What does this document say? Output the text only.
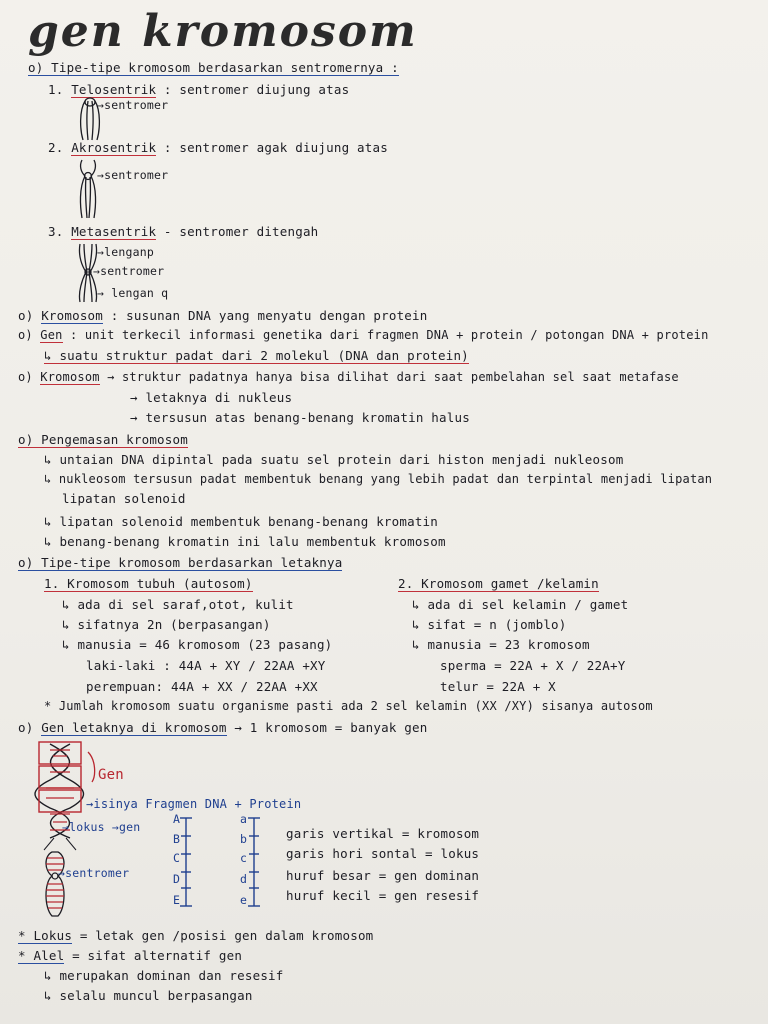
gen kromosom
o) Tipe-tipe kromosom berdasarkan sentromernya :
1. Telosentrik : sentromer diujung atas
→sentromer
2. Akrosentrik : sentromer agak diujung atas
→sentromer
3. Metasentrik - sentromer ditengah
→lenganp
→sentromer
→ lengan q
o) Kromosom : susunan DNA yang menyatu dengan protein
o) Gen : unit terkecil informasi genetika dari fragmen DNA + protein / potongan DNA + protein
↳ suatu struktur padat dari 2 molekul (DNA dan protein)
o) Kromosom → struktur padatnya hanya bisa dilihat dari saat pembelahan sel saat metafase
→ letaknya di nukleus
→ tersusun atas benang-benang kromatin halus
o) Pengemasan kromosom
↳ untaian DNA dipintal pada suatu sel protein dari histon menjadi nukleosom
↳ nukleosom tersusun padat membentuk benang yang lebih padat dan terpintal menjadi lipatan
lipatan solenoid
↳ lipatan solenoid membentuk benang-benang kromatin
↳ benang-benang kromatin ini lalu membentuk kromosom
o) Tipe-tipe kromosom berdasarkan letaknya
1. Kromosom tubuh (autosom)
↳ ada di sel saraf,otot, kulit
↳ sifatnya 2n (berpasangan)
↳ manusia = 46 kromosom (23 pasang)
laki-laki : 44A + XY / 22AA +XY
perempuan: 44A + XX / 22AA +XX
2. Kromosom gamet /kelamin
↳ ada di sel kelamin / gamet
↳ sifat = n (jomblo)
↳ manusia = 23 kromosom
sperma = 22A + X / 22A+Y
telur = 22A + X
* Jumlah kromosom suatu organisme pasti ada 2 sel kelamin (XX /XY) sisanya autosom
o) Gen letaknya di kromosom → 1 kromosom = banyak gen
Gen
→isinya Fragmen DNA + Protein
→lokus →gen
→sentromer
A
B
C
D
E
a
b
c
d
e
garis vertikal = kromosom
garis hori sontal = lokus
huruf besar = gen dominan
huruf kecil = gen resesif
* Lokus = letak gen /posisi gen dalam kromosom
* Alel = sifat alternatif gen
↳ merupakan dominan dan resesif
↳ selalu muncul berpasangan
